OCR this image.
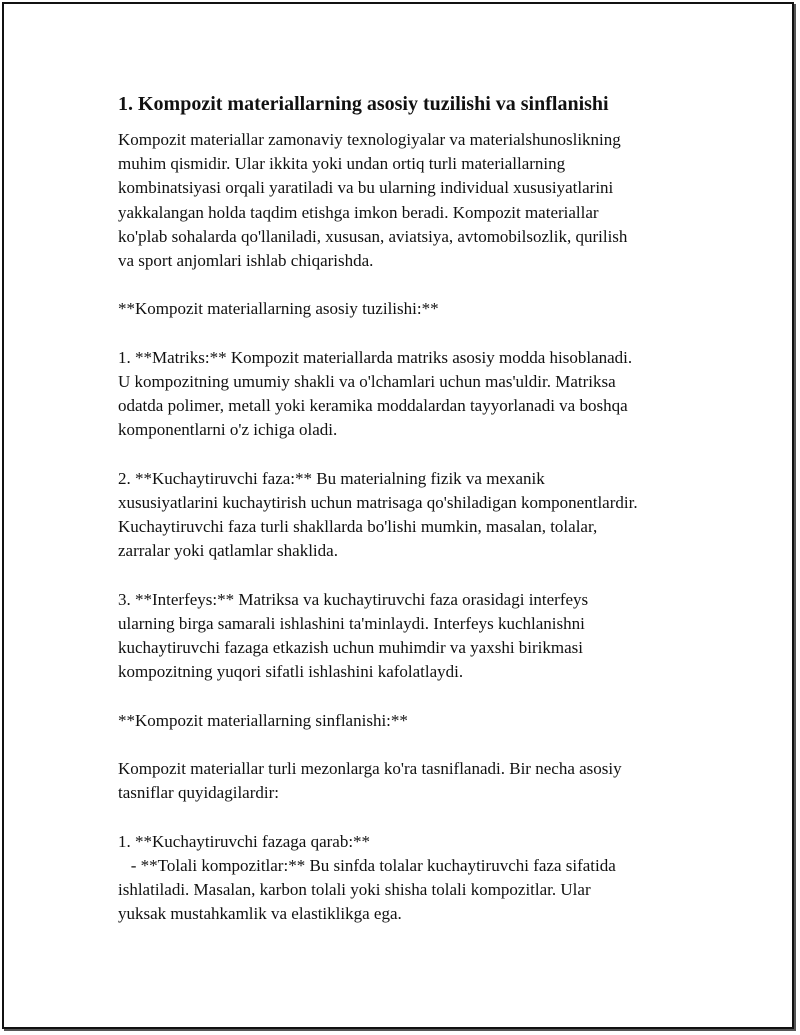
1. Kompozit materiallarning asosiy tuzilishi va sinflanishi

Kompozit materiallar zamonaviy texnologiyalar va materialshunoslikning
muhim qismidir. Ular ikkita yoki undan ortiq turli materiallarning
kombinatsiyasi orqali yaratiladi va bu ularning individual xususiyatlarini
yakkalangan holda taqdim etishga imkon beradi. Kompozit materiallar
ko'plab sohalarda qo'llaniladi, xususan, aviatsiya, avtomobilsozlik, qurilish
va sport anjomlari ishlab chiqarishda.

**Kompozit materiallarning asosiy tuzilishi:**

1. **Matriks:** Kompozit materiallarda matriks asosiy modda hisoblanadi.
U kompozitning umumiy shakli va o'lchamlari uchun mas'uldir. Matriksa
odatda polimer, metall yoki keramika moddalardan tayyorlanadi va boshqa
komponentlarni o'z ichiga oladi.

2. **Kuchaytiruvchi faza:** Bu materialning fizik va mexanik
xususiyatlarini kuchaytirish uchun matrisaga qo'shiladigan komponentlardir.
Kuchaytiruvchi faza turli shakllarda bo'lishi mumkin, masalan, tolalar,
zarralar yoki qatlamlar shaklida.

3. **Interfeys:** Matriksa va kuchaytiruvchi faza orasidagi interfeys
ularning birga samarali ishlashini ta'minlaydi. Interfeys kuchlanishni
kuchaytiruvchi fazaga etkazish uchun muhimdir va yaxshi birikmasi
kompozitning yuqori sifatli ishlashini kafolatlaydi.

**Kompozit materiallarning sinflanishi:**

Kompozit materiallar turli mezonlarga ko'ra tasniflanadi. Bir necha asosiy
tasniflar quyidagilardir:

1. **Kuchaytiruvchi fazaga qarab:**
- **Tolali kompozitlar:** Bu sinfda tolalar kuchaytiruvchi faza sifatida
ishlatiladi. Masalan, karbon tolali yoki shisha tolali kompozitlar. Ular
yuksak mustahkamlik va elastiklikga ega.
